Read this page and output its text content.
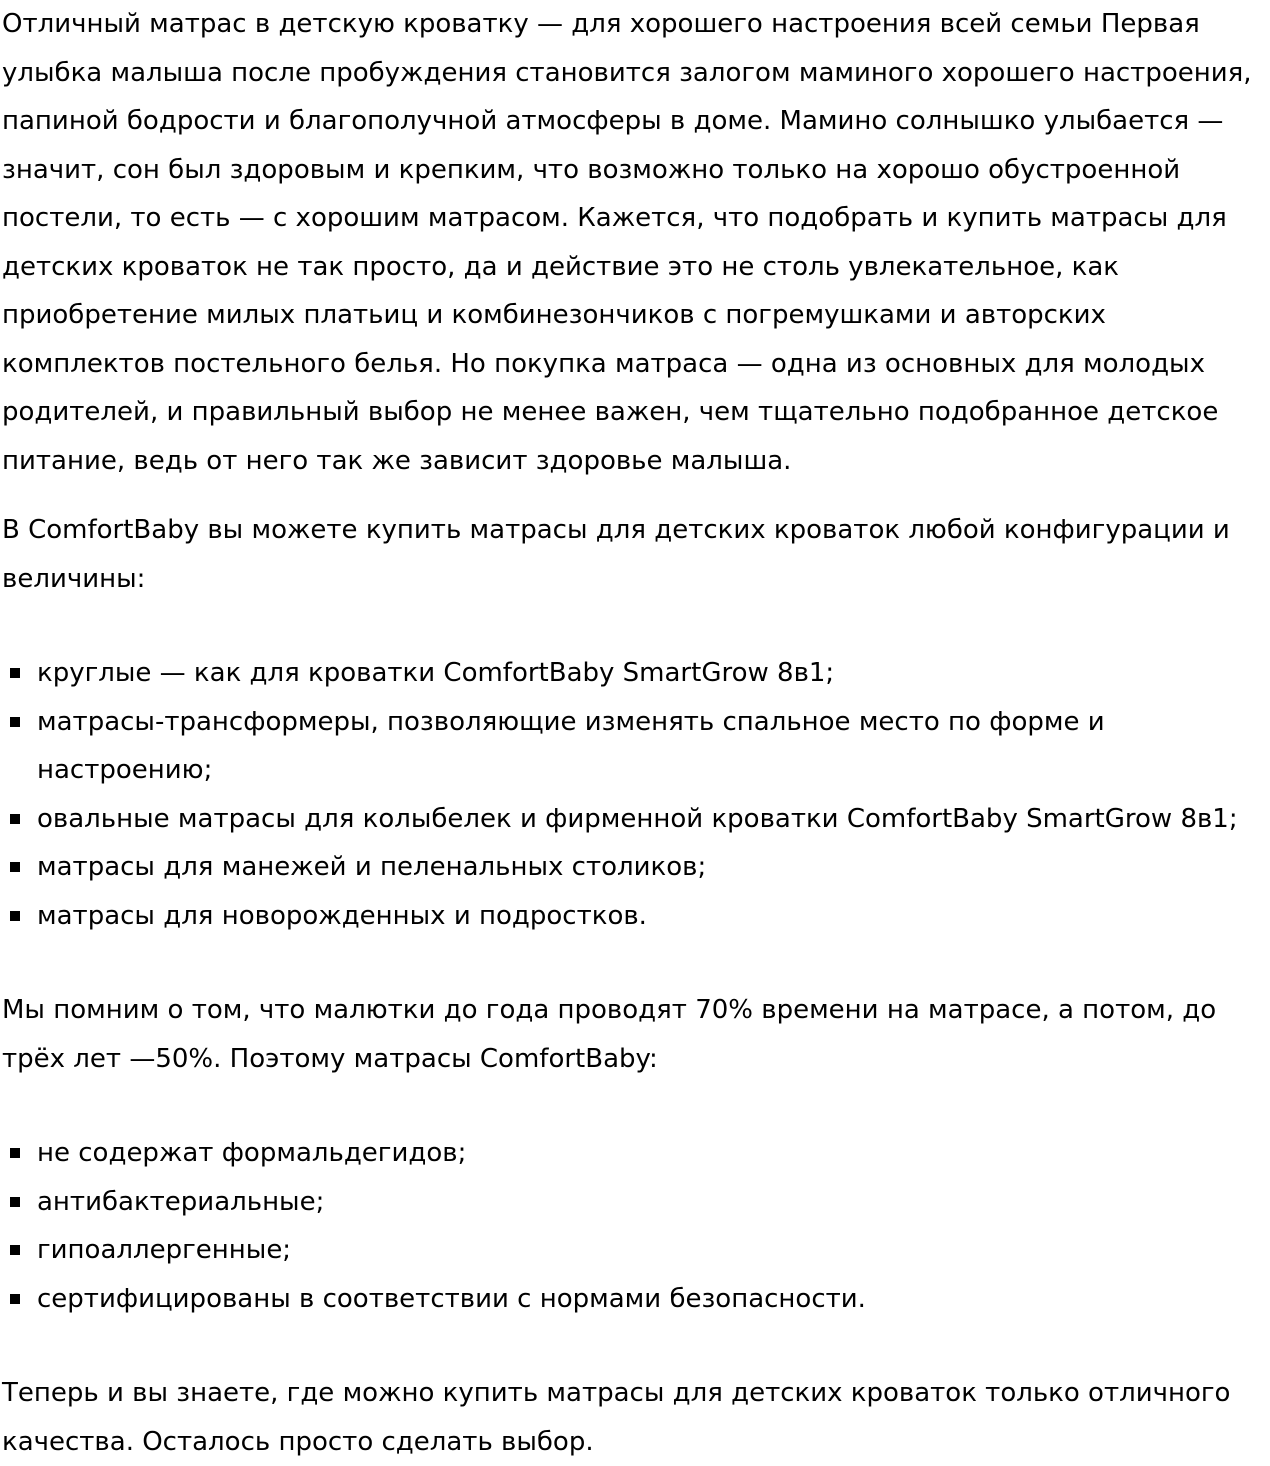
Отличный матрас в детскую кроватку — для хорошего настроения всей семьи Первая улыбка малыша после пробуждения становится залогом маминого хорошего настроения, папиной бодрости и благополучной атмосферы в доме. Мамино солнышко улыбается — значит, сон был здоровым и крепким, что возможно только на хорошо обустроенной постели, то есть — с хорошим матрасом. Кажется, что подобрать и купить матрасы для детских кроваток не так просто, да и действие это не столь увлекательное, как приобретение милых платьиц и комбинезончиков с погремушками и авторских комплектов постельного белья. Но покупка матраса — одна из основных для молодых родителей, и правильный выбор не менее важен, чем тщательно подобранное детское питание, ведь от него так же зависит здоровье малыша.

В ComfortBaby вы можете купить матрасы для детских кроваток любой конфигурации и величины:

круглые — как для кроватки ComfortBaby SmartGrow 8в1;
матрасы-трансформеры, позволяющие изменять спальное место по форме и настроению;
овальные матрасы для колыбелек и фирменной кроватки ComfortBaby SmartGrow 8в1;
матрасы для манежей и пеленальных столиков;
матрасы для новорожденных и подростков.

Мы помним о том, что малютки до года проводят 70% времени на матрасе, а потом, до трёх лет —50%. Поэтому матрасы ComfortBaby:

не содержат формальдегидов;
антибактериальные;
гипоаллергенные;
сертифицированы в соответствии с нормами безопасности.

Теперь и вы знаете, где можно купить матрасы для детских кроваток только отличного качества. Осталось просто сделать выбор.
